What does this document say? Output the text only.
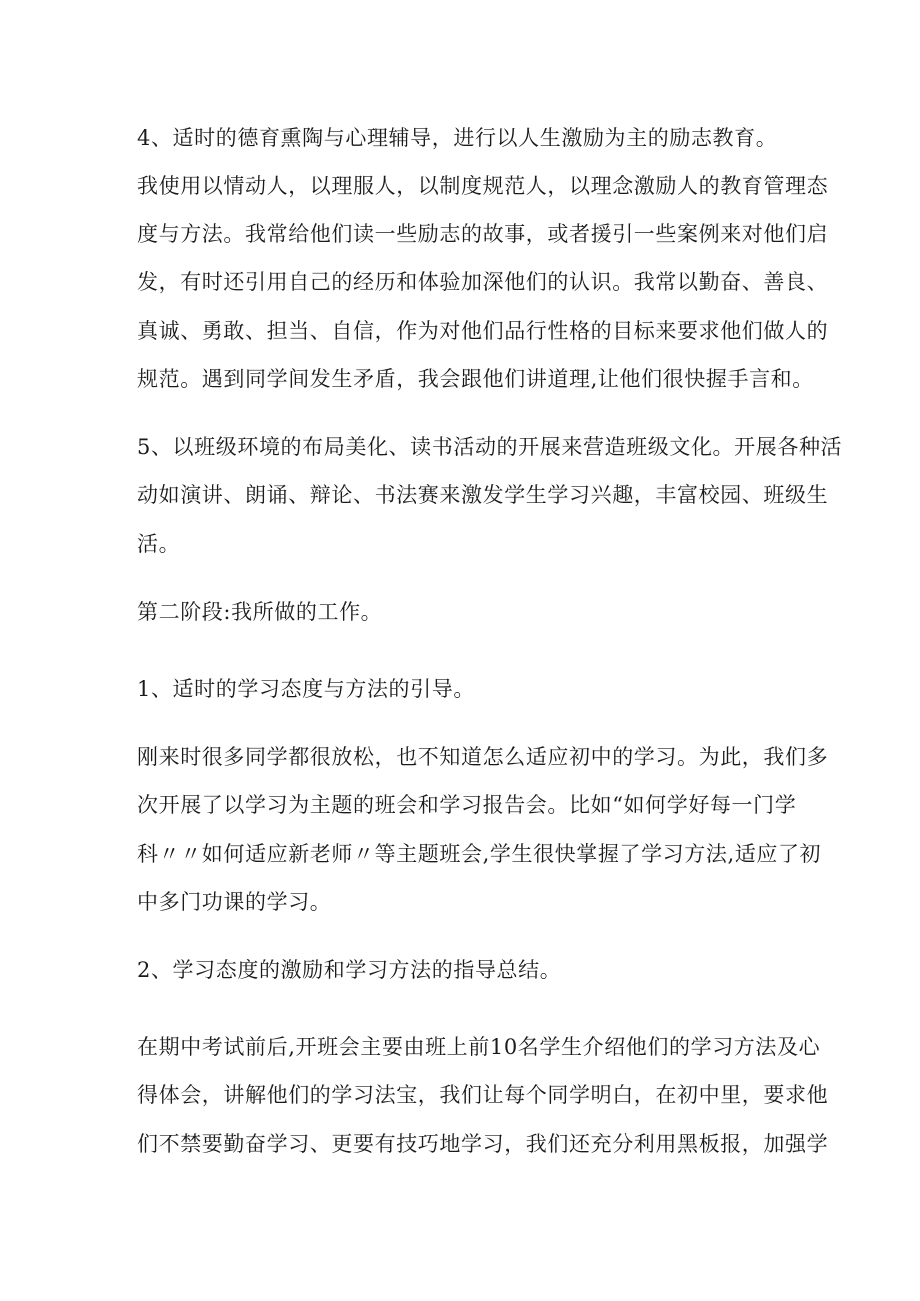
4、适时的德育熏陶与心理辅导，进行以人生激励为主的励志教育。
我使用以情动人，以理服人，以制度规范人，以理念激励人的教育管理态
度与方法。我常给他们读一些励志的故事，或者援引一些案例来对他们启
发，有时还引用自己的经历和体验加深他们的认识。我常以勤奋、善良、
真诚、勇敢、担当、自信，作为对他们品行性格的目标来要求他们做人的
规范。遇到同学间发生矛盾，我会跟他们讲道理,让他们很快握手言和。
5、以班级环境的布局美化、读书活动的开展来营造班级文化。开展各种活
动如演讲、朗诵、辩论、书法赛来激发学生学习兴趣，丰富校园、班级生
活。
第二阶段:我所做的工作。
1、适时的学习态度与方法的引导。
刚来时很多同学都很放松，也不知道怎么适应初中的学习。为此，我们多
次开展了以学习为主题的班会和学习报告会。比如“如何学好每一门学
科〃〃如何适应新老师〃等主题班会,学生很快掌握了学习方法,适应了初
中多门功课的学习。
2、学习态度的激励和学习方法的指导总结。
在期中考试前后,开班会主要由班上前10名学生介绍他们的学习方法及心
得体会，讲解他们的学习法宝，我们让每个同学明白，在初中里，要求他
们不禁要勤奋学习、更要有技巧地学习，我们还充分利用黑板报，加强学
